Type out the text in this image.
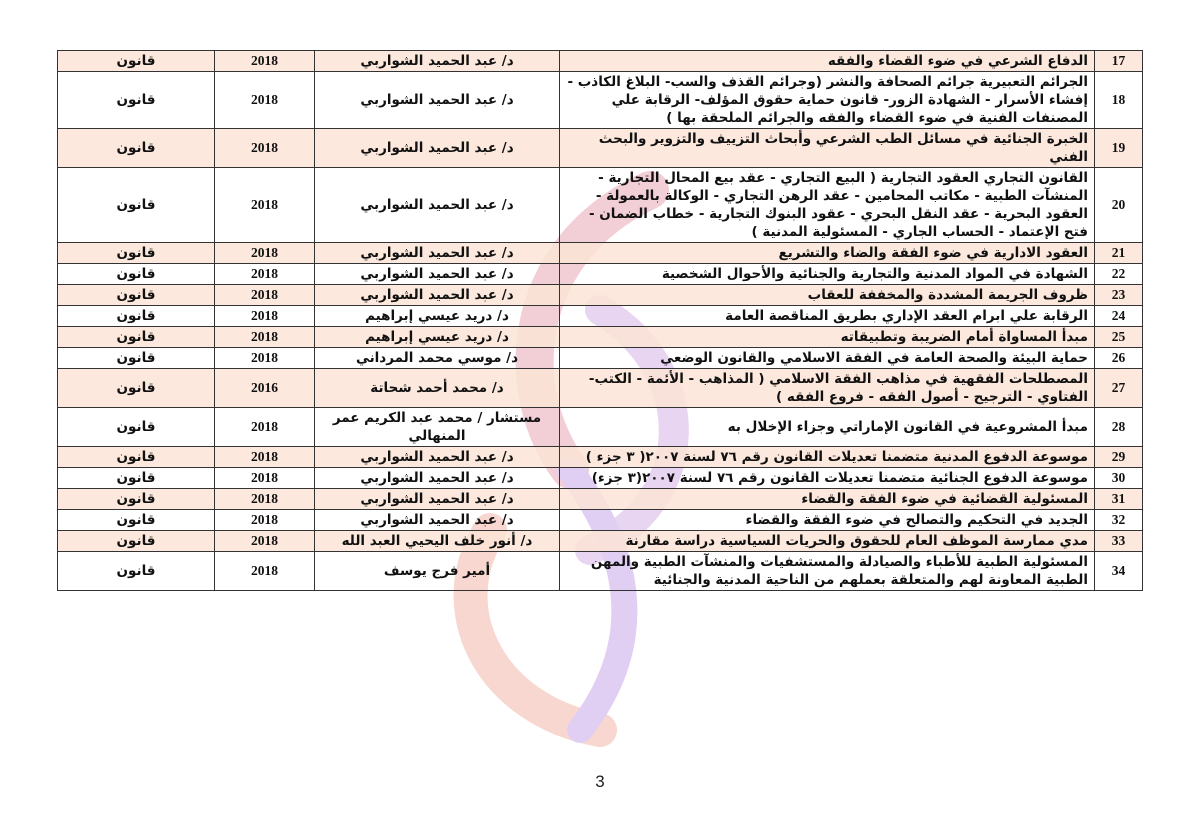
17	الدفاع الشرعي في ضوء القضاء والفقه	د/ عبد الحميد الشواربي	2018	قانون
18	الجرائم التعبيرية جرائم الصحافة والنشر (وجرائم القذف والسب- البلاغ الكاذب - إفشاء الأسرار - الشهادة الزور- قانون حماية حقوق المؤلف- الرقابة علي المصنفات الفنية في ضوء القضاء والفقه والجرائم الملحقة بها )	د/ عبد الحميد الشواربي	2018	قانون
19	الخبرة الجنائية في مسائل الطب الشرعي وأبحاث التزييف والتزوير والبحث الفني	د/ عبد الحميد الشواربي	2018	قانون
20	القانون التجاري العقود التجارية ( البيع التجاري - عقد بيع المحال التجارية - المنشآت الطبية - مكاتب المحامين - عقد الرهن التجاري - الوكالة بالعمولة - العقود البحرية - عقد النقل البحري - عقود البنوك التجارية - خطاب الضمان - فتح الإعتماد - الحساب الجاري - المسئولية المدنية )	د/ عبد الحميد الشواربي	2018	قانون
21	العقود الادارية في ضوء الفقة والضاء والتشريع	د/ عبد الحميد الشواربي	2018	قانون
22	الشهادة في المواد المدنية والتجارية والجنائية والأحوال الشخصية	د/ عبد الحميد الشواربي	2018	قانون
23	ظروف الجريمة المشددة والمخففة للعقاب	د/ عبد الحميد الشواربي	2018	قانون
24	الرقابة علي ابرام العقد الإداري بطريق المناقصة العامة	د/ دريد عيسي إبراهيم	2018	قانون
25	مبدأ المساواة أمام الضريبة وتطبيقاته	د/ دريد عيسي إبراهيم	2018	قانون
26	حماية البيئة والصحة العامة في الفقة الاسلامي والقانون الوضعي	د/ موسي محمد المرداني	2018	قانون
27	المصطلحات الفقهية في مذاهب الفقة الاسلامي ( المذاهب - الأئمة - الكتب- الفتاوي - الترجيح - أصول الفقه - فروع الفقه )	د/ محمد أحمد شحاتة	2016	قانون
28	مبدأ المشروعية في القانون الإماراتي وجزاء الإخلال به	مستشار / محمد عبد الكريم عمر المنهالي	2018	قانون
29	موسوعة الدفوع المدنية متضمنا تعديلات القانون رقم ٧٦ لسنة ٢٠٠٧( ٣ جزء )	د/ عبد الحميد الشواربي	2018	قانون
30	موسوعة الدفوع الجنائية متضمنا تعديلات القانون رقم ٧٦ لسنة ٢٠٠٧(٣ جزء)	د/ عبد الحميد الشواربي	2018	قانون
31	المسئولية القضائية في ضوء الفقة والقضاء	د/ عبد الحميد الشواربي	2018	قانون
32	الجديد في التحكيم والتصالح في ضوء الفقة والقضاء	د/ عبد الحميد الشواربي	2018	قانون
33	مدي ممارسة الموظف العام للحقوق والحريات السياسية دراسة مقارنة	د/ أنور خلف اليحيي العبد الله	2018	قانون
34	المسئولية الطبية للأطباء والصيادلة والمستشفيات والمنشآت الطبية والمهن الطبية المعاونة لهم والمتعلقة بعملهم من الناحية المدنية والجنائية	أمير فرج يوسف	2018	قانون
3
